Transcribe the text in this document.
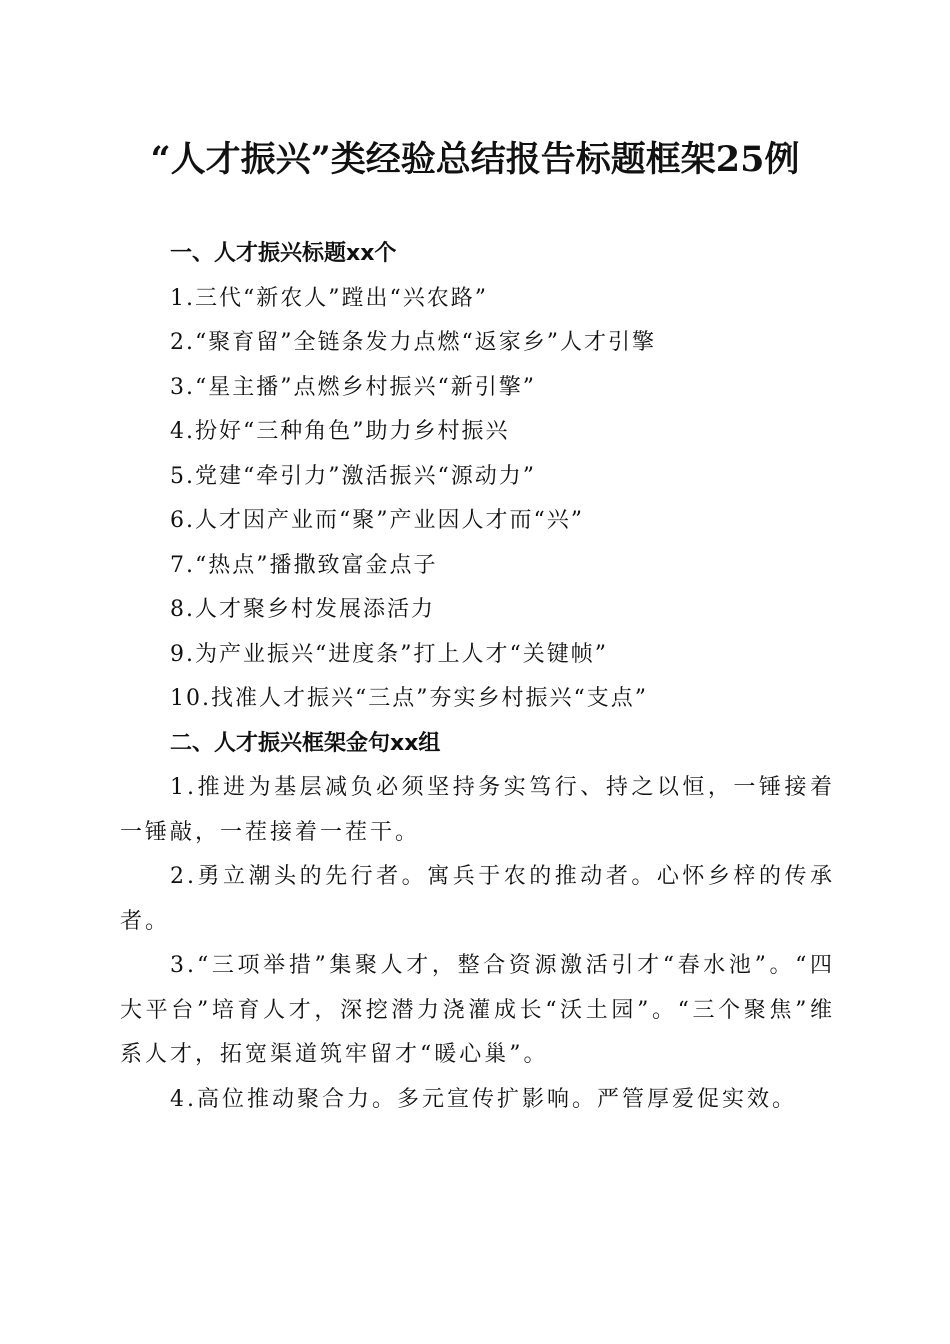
“人才振兴”类经验总结报告标题框架25例
一、人才振兴标题xx个
1.三代“新农人”蹚出“兴农路”
2.“聚育留”全链条发力点燃“返家乡”人才引擎
3.“星主播”点燃乡村振兴“新引擎”
4.扮好“三种角色”助力乡村振兴
5.党建“牵引力”激活振兴“源动力”
6.人才因产业而“聚”产业因人才而“兴”
7.“热点”播撒致富金点子
8.人才聚乡村发展添活力
9.为产业振兴“进度条”打上人才“关键帧”
10.找准人才振兴“三点”夯实乡村振兴“支点”
二、人才振兴框架金句xx组
1.推进为基层减负必须坚持务实笃行、持之以恒，一锤接着一锤敲，一茬接着一茬干。
2.勇立潮头的先行者。寓兵于农的推动者。心怀乡梓的传承者。
3.“三项举措”集聚人才，整合资源激活引才“春水池”。“四大平台”培育人才，深挖潜力浇灌成长“沃土园”。“三个聚焦”维系人才，拓宽渠道筑牢留才“暖心巢”。
4.高位推动聚合力。多元宣传扩影响。严管厚爱促实效。
